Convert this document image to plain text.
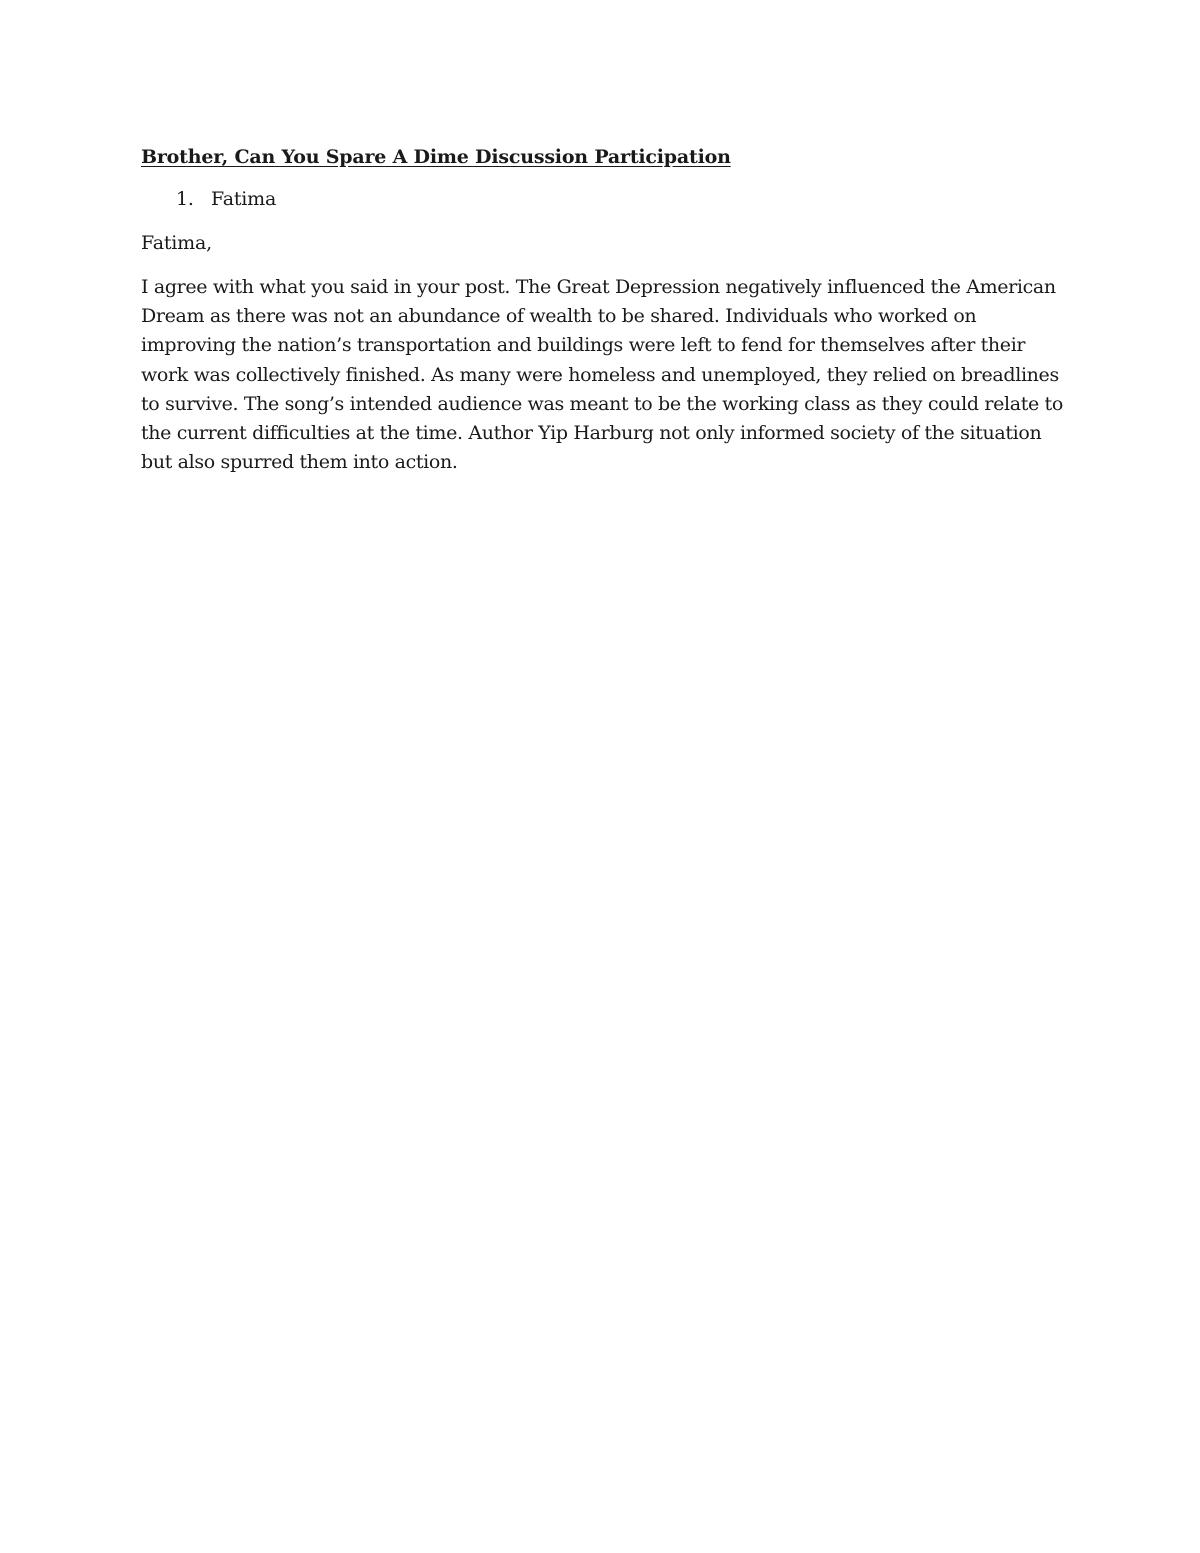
Brother, Can You Spare A Dime Discussion Participation
1. Fatima

Fatima,

I agree with what you said in your post. The Great Depression negatively influenced the American Dream as there was not an abundance of wealth to be shared. Individuals who worked on improving the nation’s transportation and buildings were left to fend for themselves after their work was collectively finished. As many were homeless and unemployed, they relied on breadlines to survive. The song’s intended audience was meant to be the working class as they could relate to the current difficulties at the time. Author Yip Harburg not only informed society of the situation but also spurred them into action.
